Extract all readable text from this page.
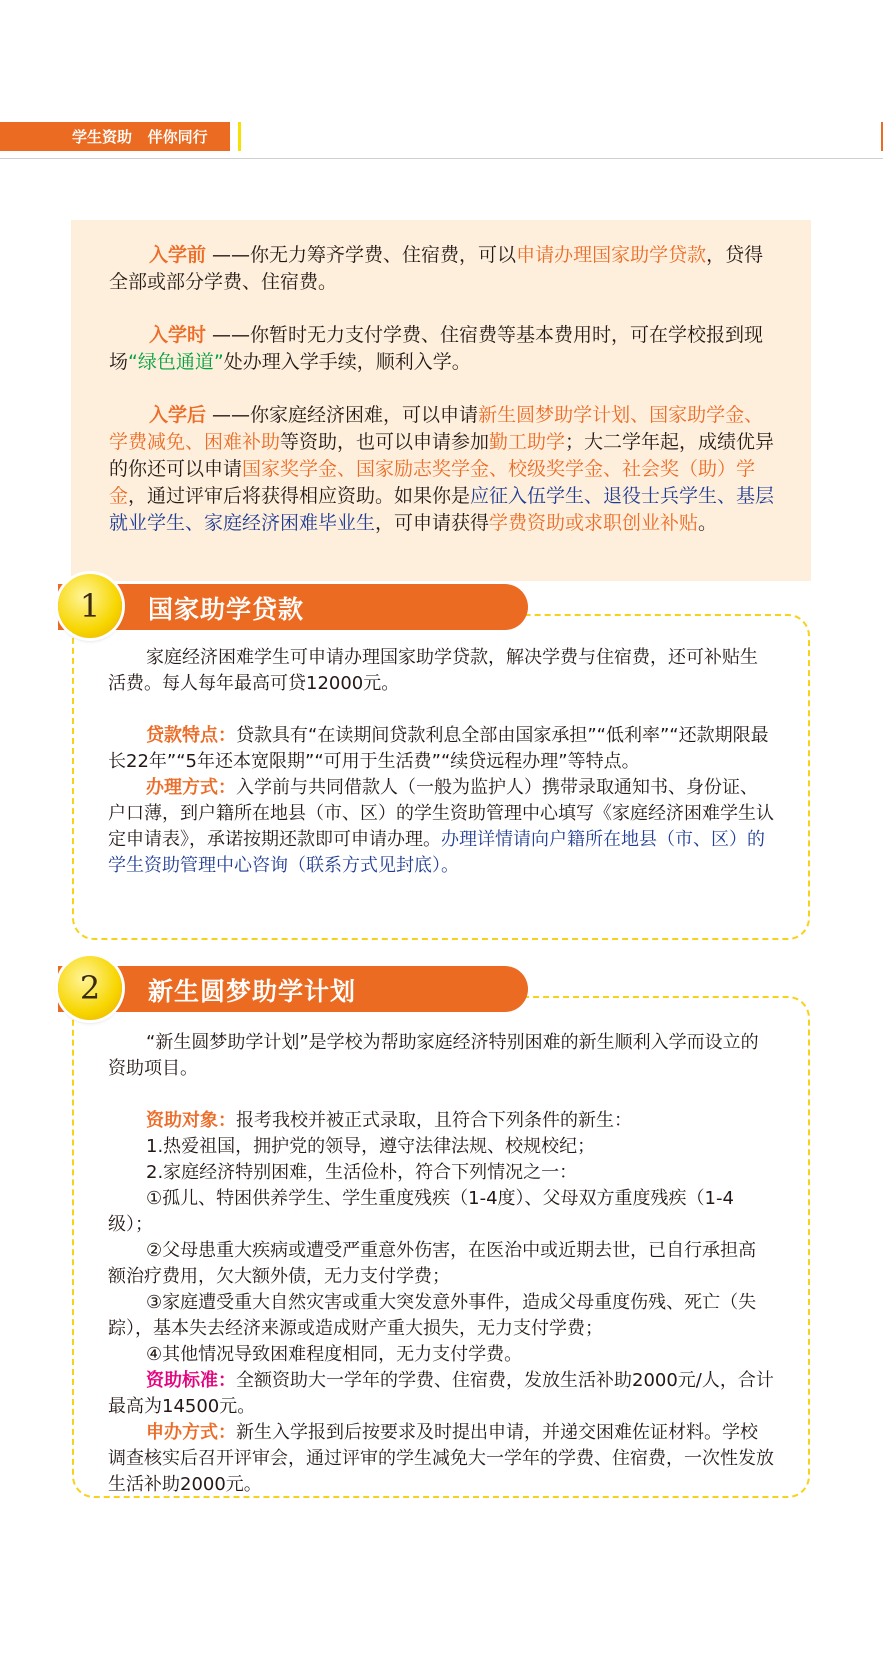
学生资助   伴你同行

入学前 ——你无力筹齐学费、住宿费，可以申请办理国家助学贷款，贷得全部或部分学费、住宿费。

入学时 ——你暂时无力支付学费、住宿费等基本费用时，可在学校报到现场“绿色通道”处办理入学手续，顺利入学。

入学后 ——你家庭经济困难，可以申请新生圆梦助学计划、国家助学金、学费减免、困难补助等资助，也可以申请参加勤工助学；大二学年起，成绩优异的你还可以申请国家奖学金、国家励志奖学金、校级奖学金、社会奖（助）学金，通过评审后将获得相应资助。如果你是应征入伍学生、退役士兵学生、基层就业学生、家庭经济困难毕业生，可申请获得学费资助或求职创业补贴。

国家助学贷款
1

家庭经济困难学生可申请办理国家助学贷款，解决学费与住宿费，还可补贴生活费。每人每年最高可贷12000元。

贷款特点：贷款具有“在读期间贷款利息全部由国家承担”“低利率”“还款期限最长22年”“5年还本宽限期”“可用于生活费”“续贷远程办理”等特点。

办理方式：入学前与共同借款人（一般为监护人）携带录取通知书、身份证、户口薄，到户籍所在地县（市、区）的学生资助管理中心填写《家庭经济困难学生认定申请表》，承诺按期还款即可申请办理。办理详情请向户籍所在地县（市、区）的学生资助管理中心咨询（联系方式见封底）。

新生圆梦助学计划
2

“新生圆梦助学计划”是学校为帮助家庭经济特别困难的新生顺利入学而设立的资助项目。

资助对象：报考我校并被正式录取，且符合下列条件的新生：

1.热爱祖国，拥护党的领导，遵守法律法规、校规校纪；

2.家庭经济特别困难，生活俭朴，符合下列情况之一：

①孤儿、特困供养学生、学生重度残疾（1-4度）、父母双方重度残疾（1-4级）；

②父母患重大疾病或遭受严重意外伤害，在医治中或近期去世，已自行承担高额治疗费用，欠大额外债，无力支付学费；

③家庭遭受重大自然灾害或重大突发意外事件，造成父母重度伤残、死亡（失踪），基本失去经济来源或造成财产重大损失，无力支付学费；

④其他情况导致困难程度相同，无力支付学费。

资助标准：全额资助大一学年的学费、住宿费，发放生活补助2000元/人，合计最高为14500元。

申办方式：新生入学报到后按要求及时提出申请，并递交困难佐证材料。学校调查核实后召开评审会，通过评审的学生减免大一学年的学费、住宿费，一次性发放生活补助2000元。
